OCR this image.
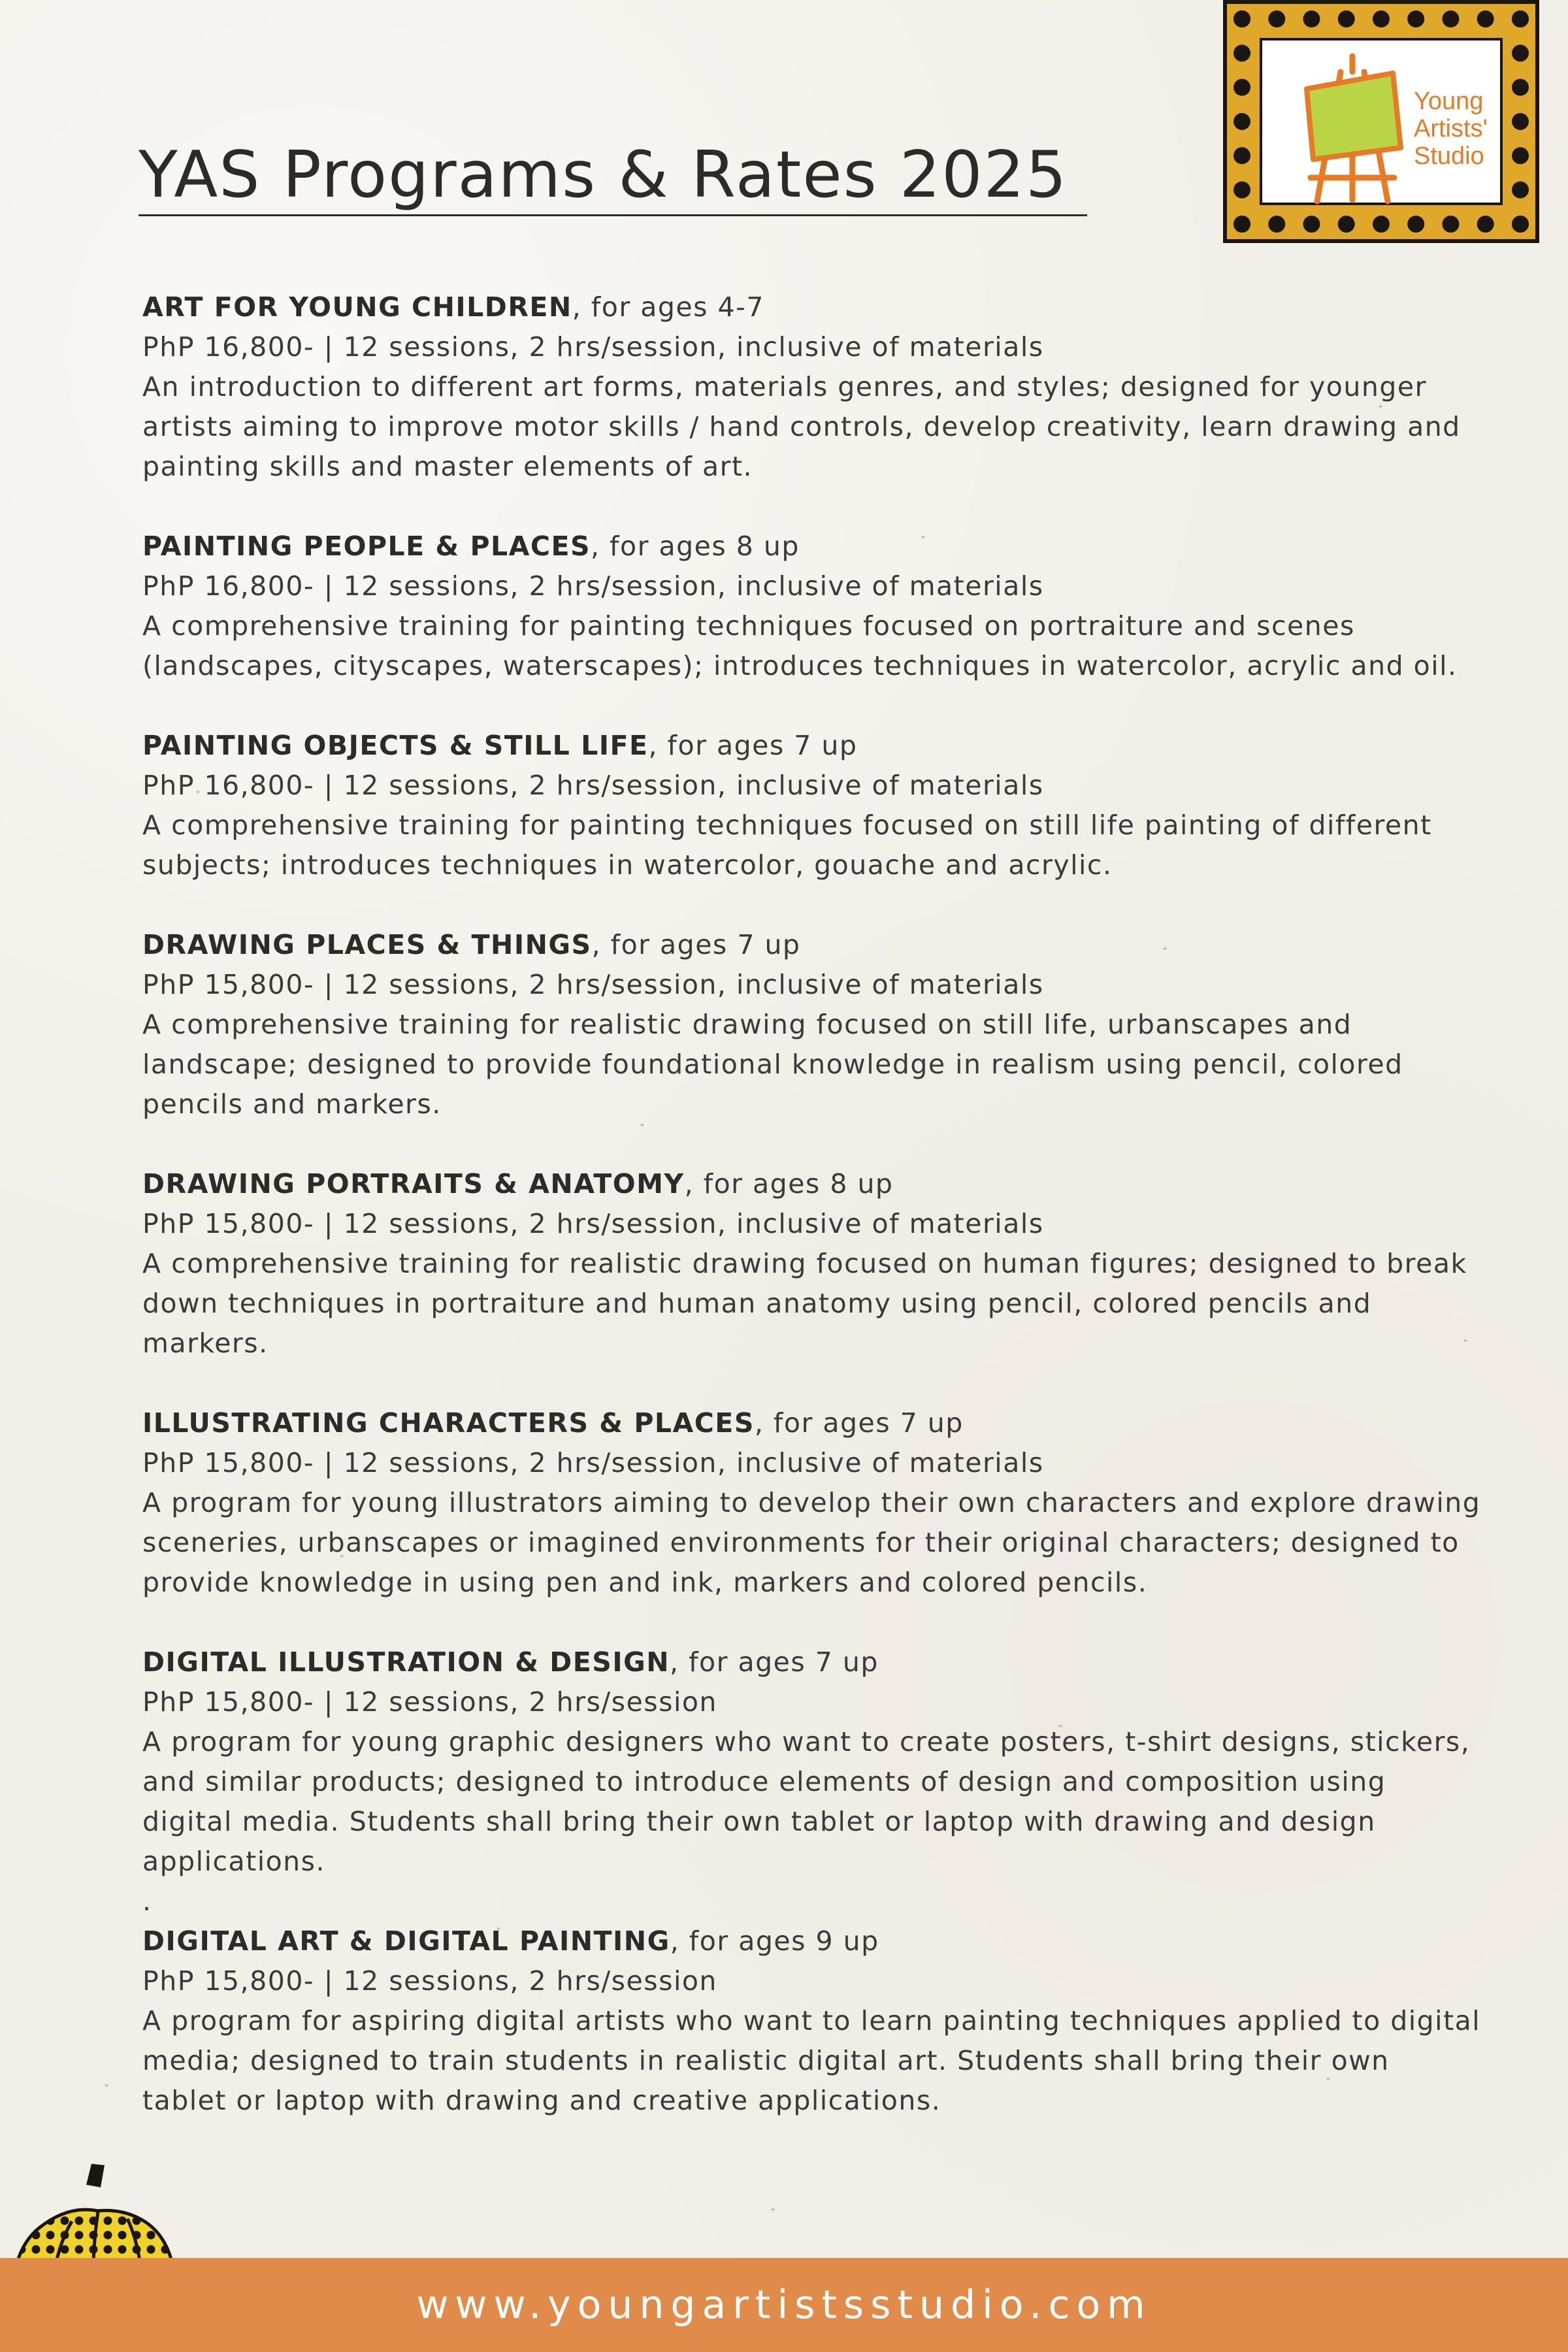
Young
Artists'
Studio
YAS Programs & Rates 2025
ART FOR YOUNG CHILDREN, for ages 4-7
PhP 16,800- | 12 sessions, 2 hrs/session, inclusive of materials
An introduction to different art forms, materials genres, and styles; designed for younger artists aiming to improve motor skills / hand controls, develop creativity, learn drawing and painting skills and master elements of art.
PAINTING PEOPLE & PLACES, for ages 8 up
PhP 16,800- | 12 sessions, 2 hrs/session, inclusive of materials
A comprehensive training for painting techniques focused on portraiture and scenes (landscapes, cityscapes, waterscapes); introduces techniques in watercolor, acrylic and oil.
PAINTING OBJECTS & STILL LIFE, for ages 7 up
PhP 16,800- | 12 sessions, 2 hrs/session, inclusive of materials
A comprehensive training for painting techniques focused on still life painting of different subjects; introduces techniques in watercolor, gouache and acrylic.
DRAWING PLACES & THINGS, for ages 7 up
PhP 15,800- | 12 sessions, 2 hrs/session, inclusive of materials
A comprehensive training for realistic drawing focused on still life, urbanscapes and landscape; designed to provide foundational knowledge in realism using pencil, colored pencils and markers.
DRAWING PORTRAITS & ANATOMY, for ages 8 up
PhP 15,800- | 12 sessions, 2 hrs/session, inclusive of materials
A comprehensive training for realistic drawing focused on human figures; designed to break down techniques in portraiture and human anatomy using pencil, colored pencils and markers.
ILLUSTRATING CHARACTERS & PLACES, for ages 7 up
PhP 15,800- | 12 sessions, 2 hrs/session, inclusive of materials
A program for young illustrators aiming to develop their own characters and explore drawing sceneries, urbanscapes or imagined environments for their original characters; designed to provide knowledge in using pen and ink, markers and colored pencils.
DIGITAL ILLUSTRATION & DESIGN, for ages 7 up
PhP 15,800- | 12 sessions, 2 hrs/session
A program for young graphic designers who want to create posters, t-shirt designs, stickers, and similar products; designed to introduce elements of design and composition using digital media. Students shall bring their own tablet or laptop with drawing and design applications.
.
DIGITAL ART & DIGITAL PAINTING, for ages 9 up
PhP 15,800- | 12 sessions, 2 hrs/session
A program for aspiring digital artists who want to learn painting techniques applied to digital media; designed to train students in realistic digital art. Students shall bring their own tablet or laptop with drawing and creative applications.
www.youngartistsstudio.com
